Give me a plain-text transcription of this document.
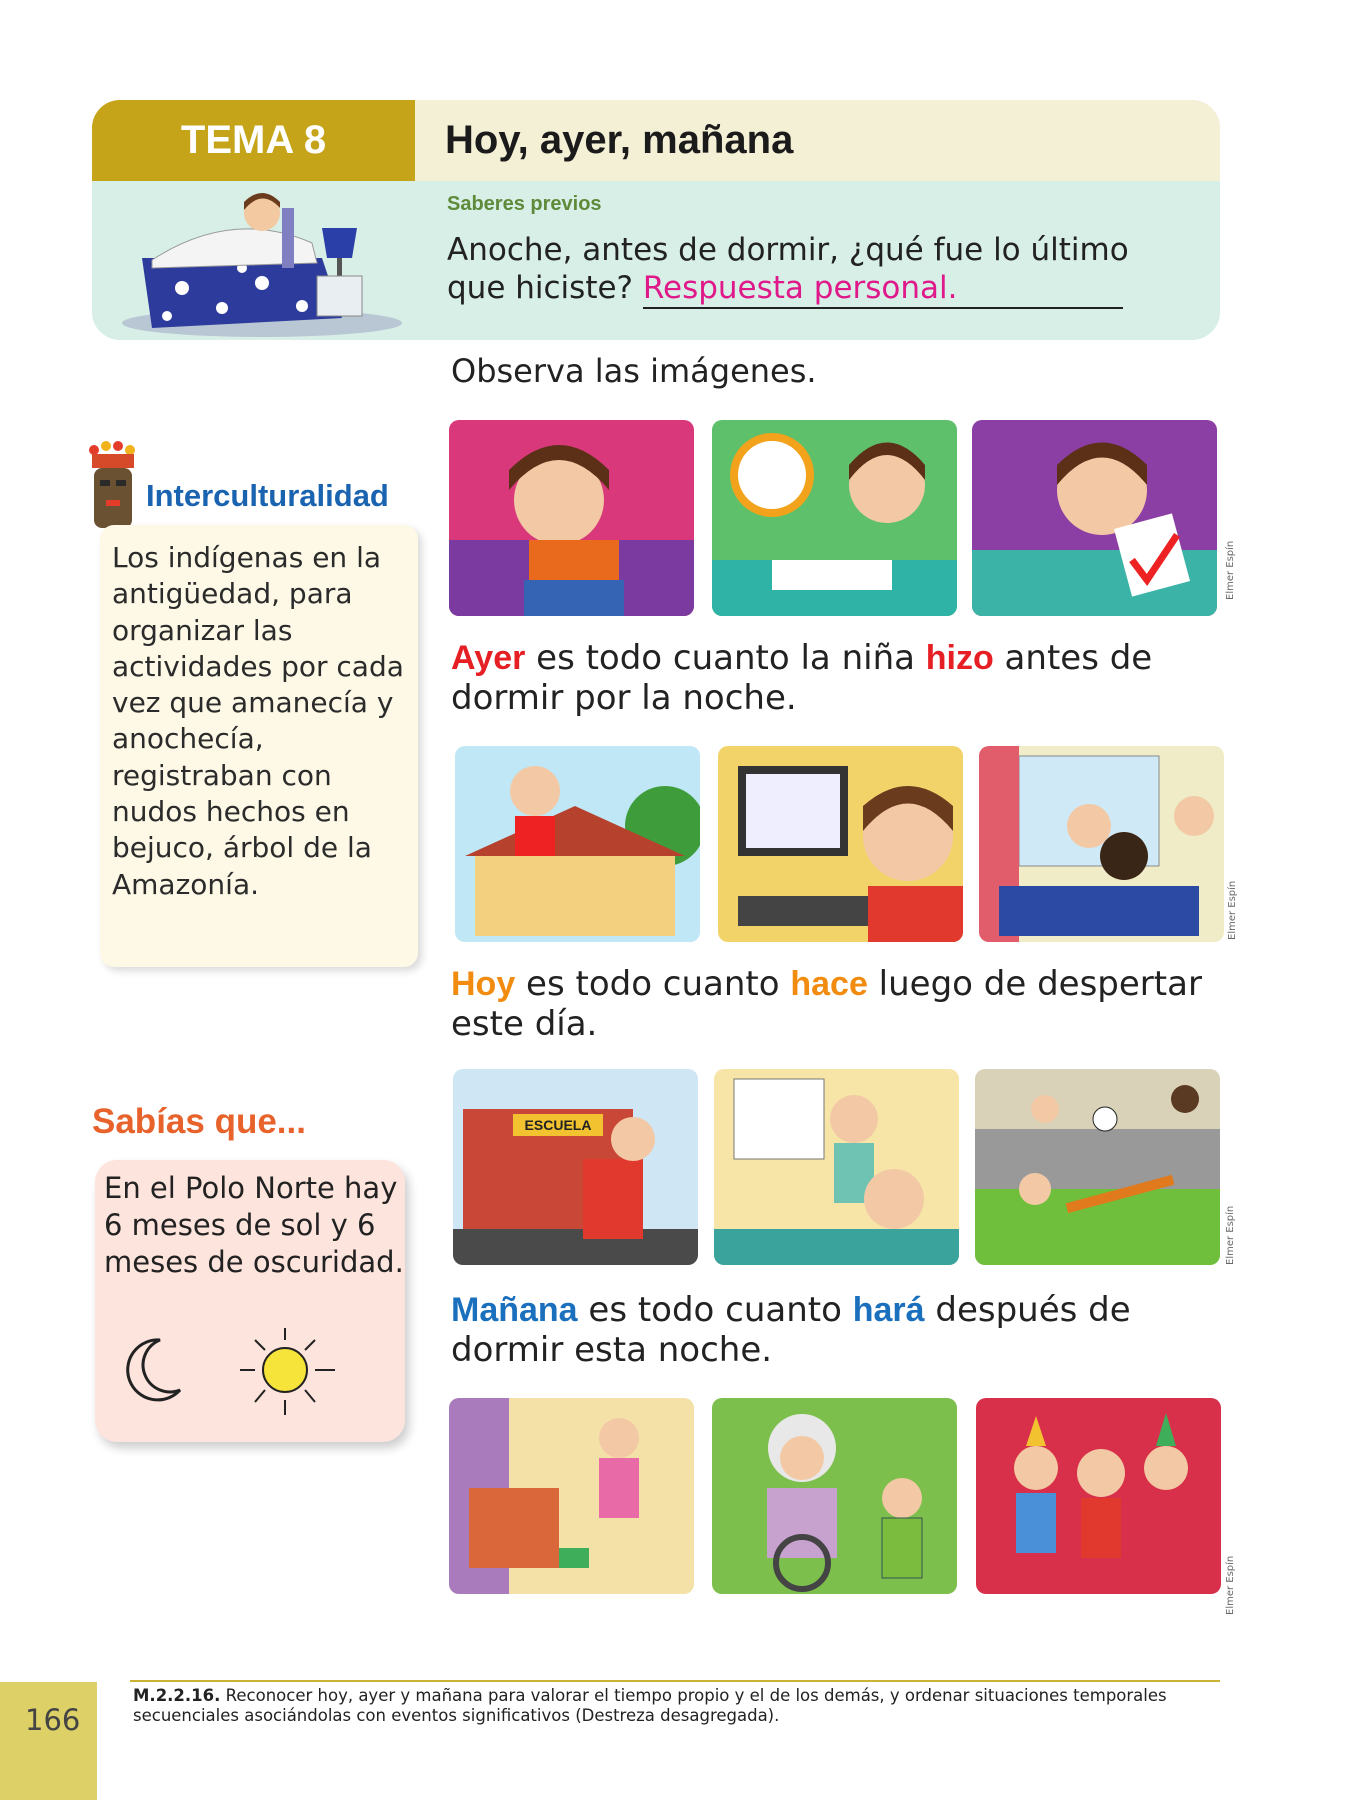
TEMA 8	Hoy, ayer, mañana
Saberes previos
Anoche, antes de dormir, ¿qué fue lo último que hiciste? Respuesta personal.
Observa las imágenes.
Interculturalidad
Los indígenas en la antigüedad, para organizar las actividades por cada vez que amanecía y anochecía, registraban con nudos hechos en bejuco, árbol de la Amazonía.
Sabías que...
En el Polo Norte hay 6 meses de sol y 6 meses de oscuridad.
Elmer Espín
Ayer es todo cuanto la niña hizo antes de dormir por la noche.
Elmer Espín
Hoy es todo cuanto hace luego de despertar este día.
ESCUELA
Elmer Espín
Mañana es todo cuanto hará después de dormir esta noche.
Elmer Espín
166
M.2.2.16. Reconocer hoy, ayer y mañana para valorar el tiempo propio y el de los demás, y ordenar situaciones temporales secuenciales asociándolas con eventos significativos (Destreza desagregada).
